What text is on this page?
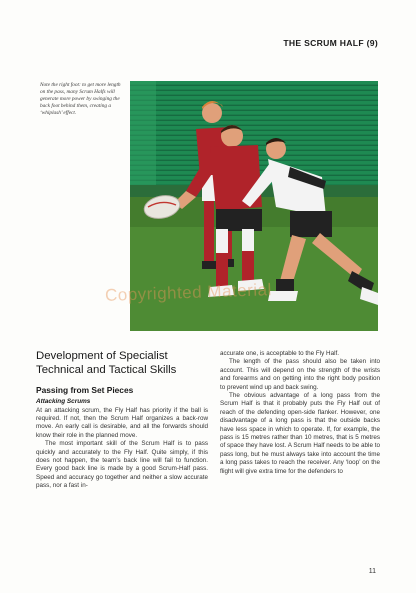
THE SCRUM HALF (9)
Note the right foot: to get more length on the pass, many Scrum Halfs will generate more power by swinging the back foot behind them, creating a ‘whiplash’ effect.
Copyrighted Material
Development of Specialist Technical and Tactical Skills
Passing from Set Pieces
Attacking Scrums

At an attacking scrum, the Fly Half has priority if the ball is required. If not, then the Scrum Half organizes a back-row move. An early call is desirable, and all the forwards should know their role in the planned move.

The most important skill of the Scrum Half is to pass quickly and accurately to the Fly Half. Quite simply, if this does not happen, the team’s back line will fail to function. Every good back line is made by a good Scrum-Half pass. Speed and accuracy go together and neither a slow accurate pass, nor a fast in-

accurate one, is acceptable to the Fly Half.

The length of the pass should also be taken into account. This will depend on the strength of the wrists and forearms and on getting into the right body position to prevent wind up and back swing.

The obvious advantage of a long pass from the Scrum Half is that it probably puts the Fly Half out of reach of the defending open-side flanker. However, one disadvantage of a long pass is that the outside backs have less space in which to operate. If, for example, the pass is 15 metres rather than 10 metres, that is 5 metres of space they have lost. A Scrum Half needs to be able to pass long, but he must always take into account the time a long pass takes to reach the receiver. Any ‘loop’ on the flight will give extra time for the defenders to

11
